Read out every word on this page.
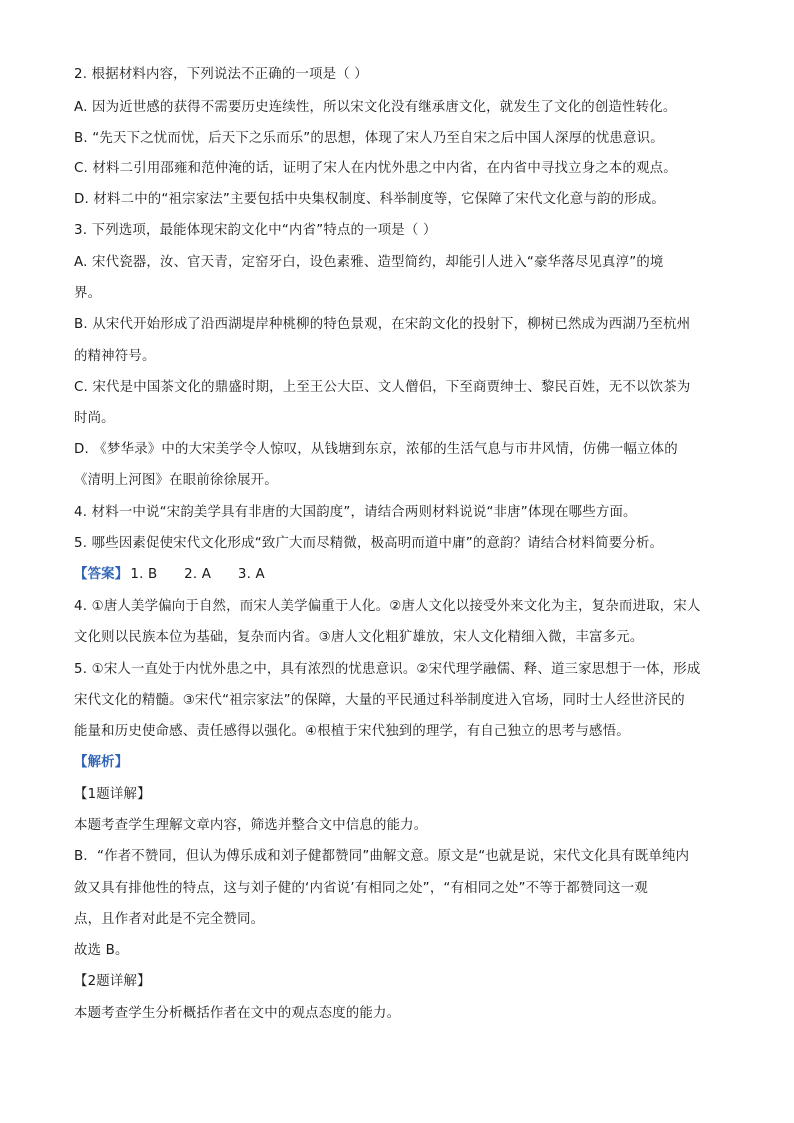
2. 根据材料内容，下列说法不正确的一项是（ ）
A. 因为近世感的获得不需要历史连续性，所以宋文化没有继承唐文化，就发生了文化的创造性转化。
B. “先天下之忧而忧，后天下之乐而乐”的思想，体现了宋人乃至自宋之后中国人深厚的忧患意识。
C. 材料二引用邵雍和范仲淹的话，证明了宋人在内忧外患之中内省，在内省中寻找立身之本的观点。
D. 材料二中的“祖宗家法”主要包括中央集权制度、科举制度等，它保障了宋代文化意与韵的形成。
3. 下列选项，最能体现宋韵文化中“内省”特点的一项是（ ）
A. 宋代瓷器，汝、官天青，定窑牙白，设色素雅、造型简约，却能引人进入“豪华落尽见真淳”的境
界。
B. 从宋代开始形成了沿西湖堤岸种桃柳的特色景观，在宋韵文化的投射下，柳树已然成为西湖乃至杭州
的精神符号。
C. 宋代是中国茶文化的鼎盛时期，上至王公大臣、文人僧侣，下至商贾绅士、黎民百姓，无不以饮茶为
时尚。
D. 《梦华录》中的大宋美学令人惊叹，从钱塘到东京，浓郁的生活气息与市井风情，仿佛一幅立体的
《清明上河图》在眼前徐徐展开。
4. 材料一中说“宋韵美学具有非唐的大国韵度”，请结合两则材料说说“非唐”体现在哪些方面。
5. 哪些因素促使宋代文化形成“致广大而尽精微，极高明而道中庸”的意韵？请结合材料简要分析。
【答案】 1. B      2. A      3. A
4. ①唐人美学偏向于自然，而宋人美学偏重于人化。②唐人文化以接受外来文化为主，复杂而进取，宋人
文化则以民族本位为基础，复杂而内省。③唐人文化粗犷雄放，宋人文化精细入微，丰富多元。
5. ①宋人一直处于内忧外患之中，具有浓烈的忧患意识。②宋代理学融儒、释、道三家思想于一体，形成
宋代文化的精髓。③宋代“祖宗家法”的保障，大量的平民通过科举制度进入官场，同时士人经世济民的
能量和历史使命感、责任感得以强化。④根植于宋代独到的理学，有自己独立的思考与感悟。
【解析】
【1题详解】
本题考查学生理解文章内容，筛选并整合文中信息的能力。
B．“作者不赞同，但认为傅乐成和刘子健都赞同”曲解文意。原文是“也就是说，宋代文化具有既单纯内
敛又具有排他性的特点，这与刘子健的‘内省说’有相同之处”，“有相同之处”不等于都赞同这一观
点，且作者对此是不完全赞同。
故选 B。
【2题详解】
本题考查学生分析概括作者在文中的观点态度的能力。
